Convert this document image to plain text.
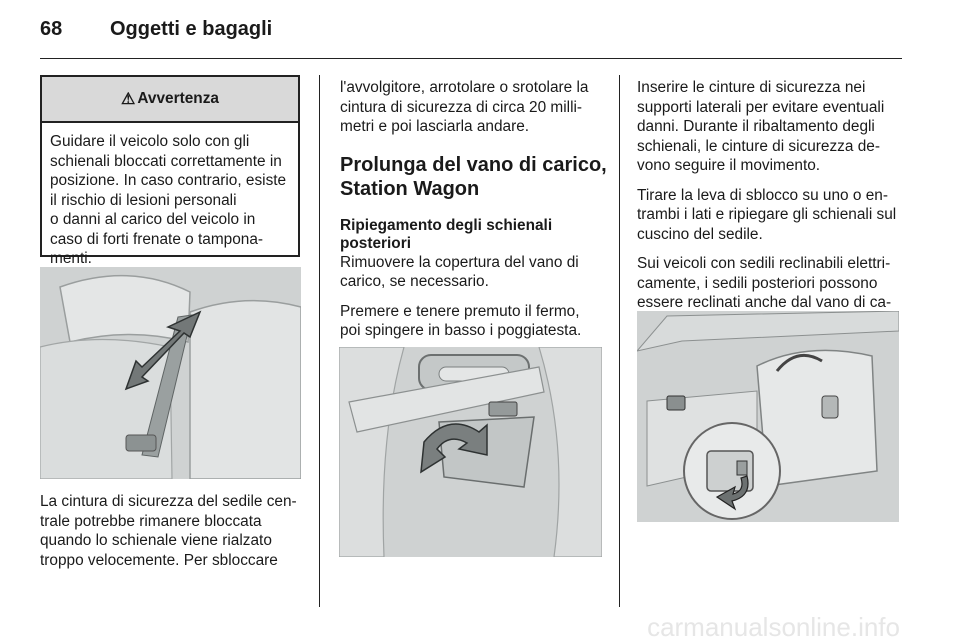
68 Oggetti e bagagli
⚠ Avvertenza
Guidare il veicolo solo con gli
schienali bloccati correttamente in
posizione. In caso contrario, esiste
il rischio di lesioni personali
o danni al carico del veicolo in
caso di forti frenate o tampona-
menti.
La cintura di sicurezza del sedile cen-
trale potrebbe rimanere bloccata
quando lo schienale viene rialzato
troppo velocemente. Per sbloccare

l'avvolgitore, arrotolare o srotolare la
cintura di sicurezza di circa 20 milli-
metri e poi lasciarla andare.

Prolunga del vano di carico,
Station Wagon
Ripiegamento degli schienali
posteriori

Rimuovere la copertura del vano di
carico, se necessario.

Premere e tenere premuto il fermo,
poi spingere in basso i poggiatesta.

Inserire le cinture di sicurezza nei
supporti laterali per evitare eventuali
danni. Durante il ribaltamento degli
schienali, le cinture di sicurezza de-
vono seguire il movimento.

Tirare la leva di sblocco su uno o en-
trambi i lati e ripiegare gli schienali sul
cuscino del sedile.

Sui veicoli con sedili reclinabili elettri-
camente, i sedili posteriori possono
essere reclinati anche dal vano di ca-

carmanualsonline.info
